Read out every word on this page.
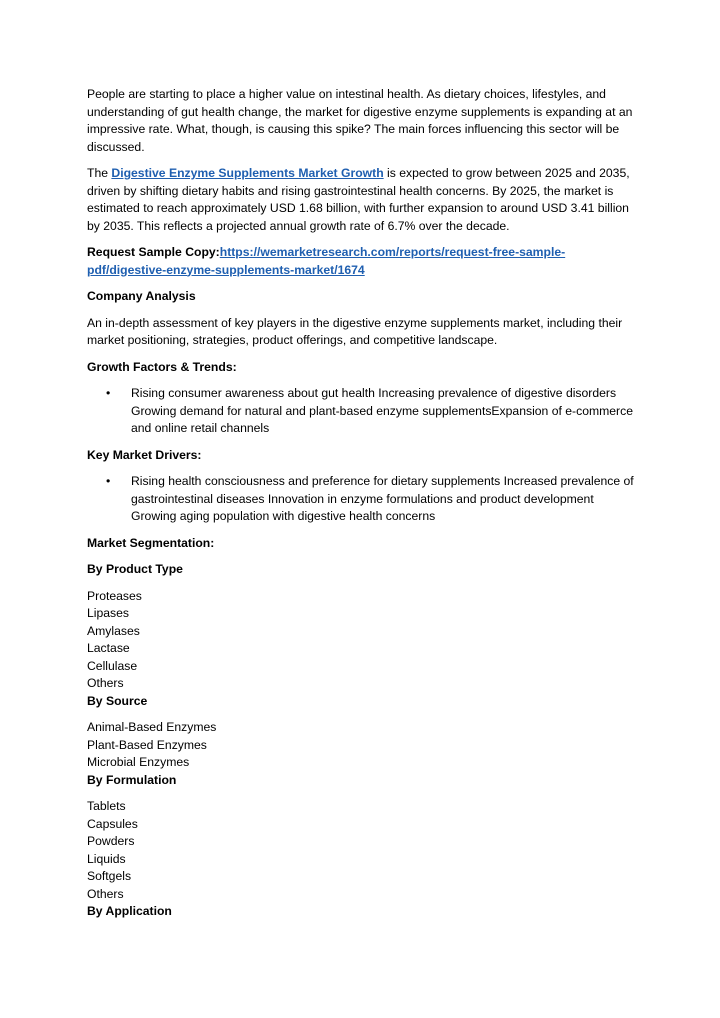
People are starting to place a higher value on intestinal health. As dietary choices, lifestyles, and understanding of gut health change, the market for digestive enzyme supplements is expanding at an impressive rate. What, though, is causing this spike? The main forces influencing this sector will be discussed.

The Digestive Enzyme Supplements Market Growth is expected to grow between 2025 and 2035, driven by shifting dietary habits and rising gastrointestinal health concerns. By 2025, the market is estimated to reach approximately USD 1.68 billion, with further expansion to around USD 3.41 billion by 2035. This reflects a projected annual growth rate of 6.7% over the decade.

Request Sample Copy:https://wemarketresearch.com/reports/request-free-sample-pdf/digestive-enzyme-supplements-market/1674

Company Analysis

An in-depth assessment of key players in the digestive enzyme supplements market, including their market positioning, strategies, product offerings, and competitive landscape.

Growth Factors & Trends:

•	Rising consumer awareness about gut health Increasing prevalence of digestive disorders Growing demand for natural and plant-based enzyme supplementsExpansion of e-commerce and online retail channels

Key Market Drivers:

•	Rising health consciousness and preference for dietary supplements Increased prevalence of gastrointestinal diseases Innovation in enzyme formulations and product development Growing aging population with digestive health concerns

Market Segmentation:

By Product Type

Proteases
Lipases
Amylases
Lactase
Cellulase
Others

By Source

Animal-Based Enzymes
Plant-Based Enzymes
Microbial Enzymes

By Formulation

Tablets
Capsules
Powders
Liquids
Softgels
Others

By Application
